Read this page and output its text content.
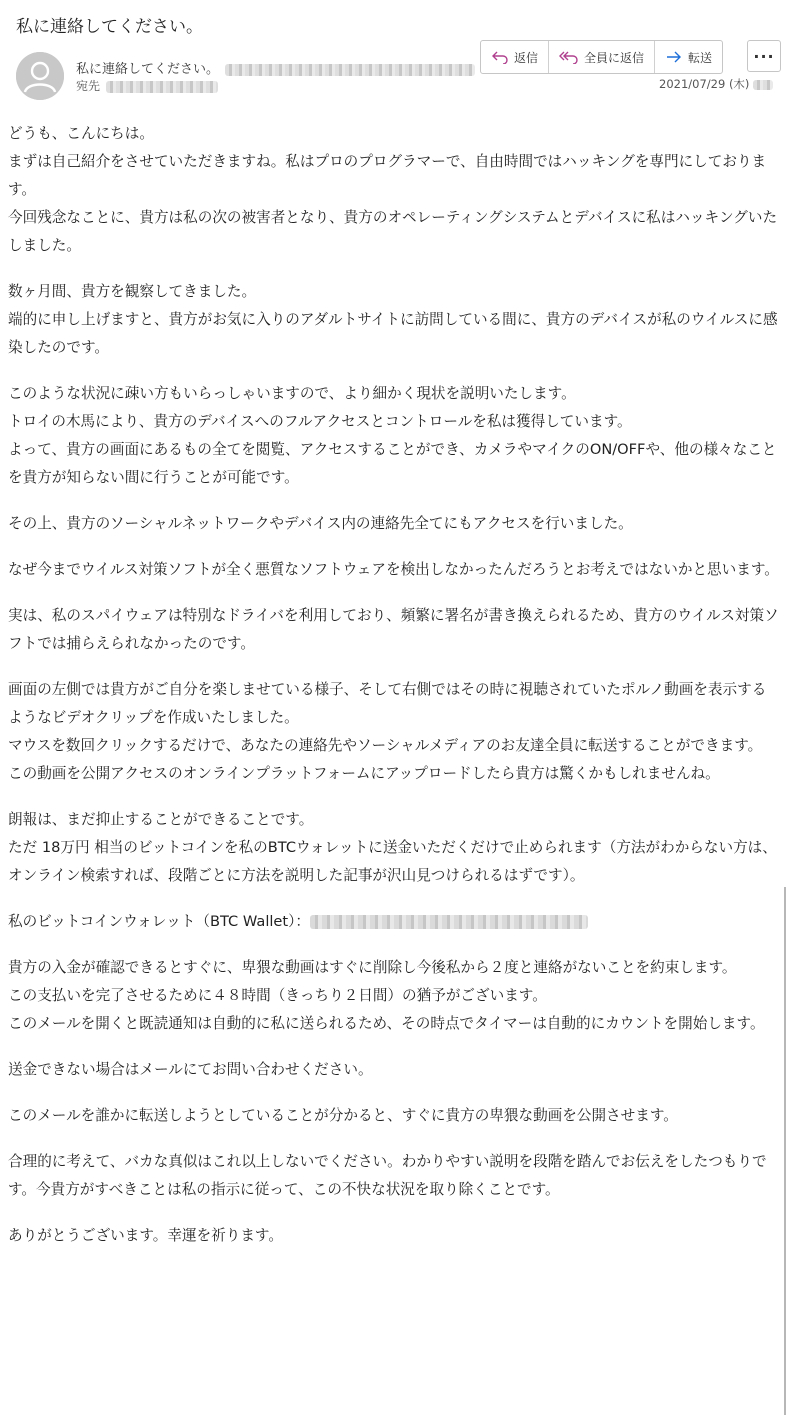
私に連絡してください。
私に連絡してください。
宛先
返信	全員に返信	転送	···
2021/07/29 (木)

どうも、こんにちは。
まずは自己紹介をさせていただきますね。私はプロのプログラマーで、自由時間ではハッキングを専門にしております。
今回残念なことに、貴方は私の次の被害者となり、貴方のオペレーティングシステムとデバイスに私はハッキングいたしました。

数ヶ月間、貴方を観察してきました。
端的に申し上げますと、貴方がお気に入りのアダルトサイトに訪問している間に、貴方のデバイスが私のウイルスに感染したのです。

このような状況に疎い方もいらっしゃいますので、より細かく現状を説明いたします。
トロイの木馬により、貴方のデバイスへのフルアクセスとコントロールを私は獲得しています。
よって、貴方の画面にあるもの全てを閲覧、アクセスすることができ、カメラやマイクのON/OFFや、他の様々なことを貴方が知らない間に行うことが可能です。

その上、貴方のソーシャルネットワークやデバイス内の連絡先全てにもアクセスを行いました。

なぜ今までウイルス対策ソフトが全く悪質なソフトウェアを検出しなかったんだろうとお考えではないかと思います。

実は、私のスパイウェアは特別なドライバを利用しており、頻繁に署名が書き換えられるため、貴方のウイルス対策ソフトでは捕らえられなかったのです。

画面の左側では貴方がご自分を楽しませている様子、そして右側ではその時に視聴されていたポルノ動画を表示するようなビデオクリップを作成いたしました。
マウスを数回クリックするだけで、あなたの連絡先やソーシャルメディアのお友達全員に転送することができます。
この動画を公開アクセスのオンラインプラットフォームにアップロードしたら貴方は驚くかもしれませんね。

朗報は、まだ抑止することができることです。
ただ 18万円 相当のビットコインを私のBTCウォレットに送金いただくだけで止められます（方法がわからない方は、オンライン検索すれば、段階ごとに方法を説明した記事が沢山見つけられるはずです）。

私のビットコインウォレット（BTC Wallet）：

貴方の入金が確認できるとすぐに、卑猥な動画はすぐに削除し今後私から２度と連絡がないことを約束します。
この支払いを完了させるために４８時間（きっちり２日間）の猶予がございます。
このメールを開くと既読通知は自動的に私に送られるため、その時点でタイマーは自動的にカウントを開始します。

送金できない場合はメールにてお問い合わせください。

このメールを誰かに転送しようとしていることが分かると、すぐに貴方の卑猥な動画を公開させます。

合理的に考えて、バカな真似はこれ以上しないでください。わかりやすい説明を段階を踏んでお伝えをしたつもりです。今貴方がすべきことは私の指示に従って、この不快な状況を取り除くことです。

ありがとうございます。幸運を祈ります。
